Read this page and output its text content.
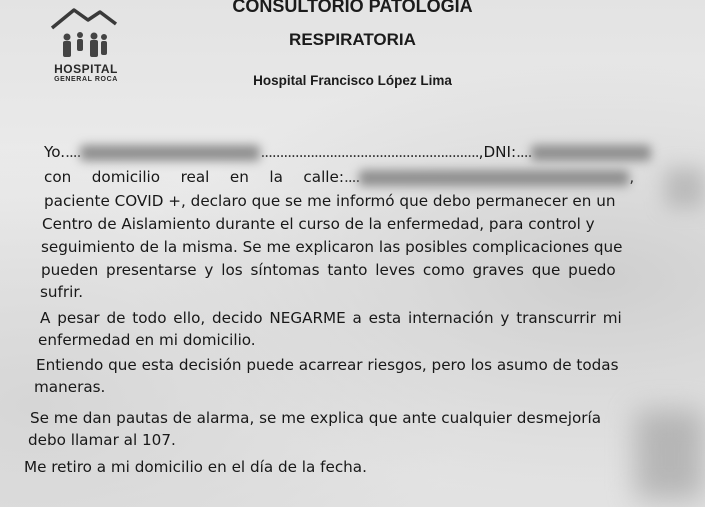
HOSPITAL
GENERAL ROCA
CONSULTORIO PATOLOGIA
RESPIRATORIA
Hospital Francisco López Lima
Yo.....	.........................................................,DNI:....
con domicilio real en la calle: ....	,
paciente COVID +, declaro que se me informó que debo permanecer en un
Centro de Aislamiento durante el curso de la enfermedad, para control y
seguimiento de la misma. Se me explicaron las posibles complicaciones que
pueden presentarse y los síntomas tanto leves como graves que puedo
sufrir.
A pesar de todo ello, decido NEGARME a esta internación y transcurrir mi
enfermedad en mi domicilio.
Entiendo que esta decisión puede acarrear riesgos, pero los asumo de todas
maneras.
Se me dan pautas de alarma, se me explica que ante cualquier desmejoría
debo llamar al 107.
Me retiro a mi domicilio en el día de la fecha.
